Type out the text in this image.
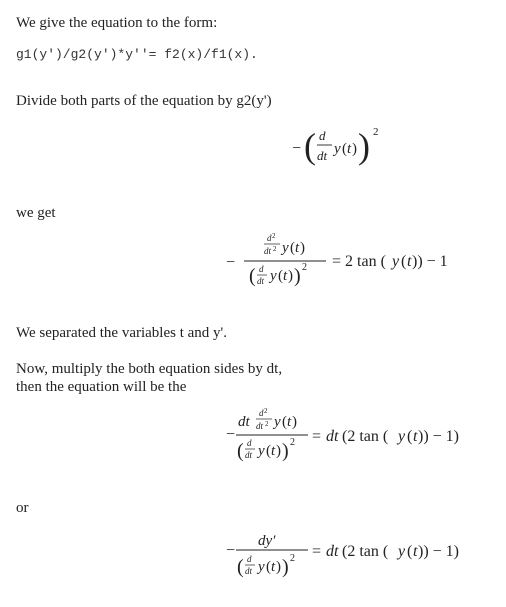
We give the equation to the form:
g1(y')/g2(y')*y''= f2(x)/f1(x).
Divide both parts of the equation by g2(y')
− ( d
dt y ( t ) ) 2
we get
−
d 2
dt 2 y ( t )
( d
dt y ( t ) ) 2 = 2 tan ( y ( t )) − 1
We separated the variables t and y'.
Now, multiply the both equation sides by dt,
then the equation will be the
−
dt
d 2
dt 2 y ( t )
( d
dt y ( t ) ) 2 = dt (2 tan ( y ( t )) − 1)
or
−
dy′
( d
dt y ( t ) ) 2 = dt (2 tan ( y ( t )) − 1)
